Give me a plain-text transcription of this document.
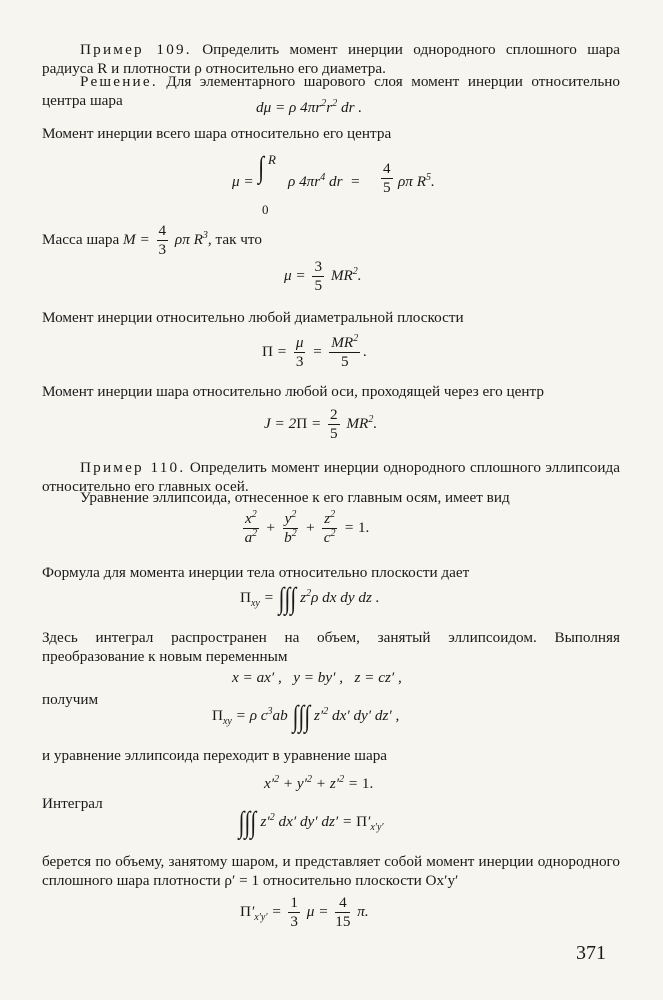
Пример 109. Определить момент инерции однородного сплошного шара радиуса R и плотности ρ относительно его диаметра.

Решение. Для элементарного шарового слоя момент инерции относительно центра шара	dμ = ρ $4\pi r^2r^2$ dr .

Момент инерции всего шара относительно его центра

R
0
μ = ∫ ρ $4\pi r^4$ dr  = $\frac{4}{5}$ ρπ $R^5$.
Масса шара $M = \frac{4}{3}$ ρπ $R^3$, так что
$\mu = \frac{3}{5} MR^2$.

Момент инерции относительно любой диаметральной плоскости

$\Pi = \frac{\mu}{3} = \frac{MR^2}{5}$ .

Момент инерции шара относительно любой оси, проходящей через его центр

$J = 2\Pi = \frac{2}{5} MR^2$.

Пример 110. Определить момент инерции однородного сплошного эллипсоида относительно его главных осей.

Уравнение эллипсоида, отнесенное к его главным осям, имеет вид

$\frac{x^2}{a^2} + \frac{y^2}{b^2} + \frac{z^2}{c^2} = 1$.

Формула для момента инерции тела относительно плоскости дает

$\Pi_{xy}$ = ∫∫∫ $z^2\rho$ dx dy dz .

Здесь интеграл распространен на объем, занятый эллипсоидом. Выполняя преобразование к новым переменным

x = ax′ ,   y = by′ ,   z = cz′ ,

получим

$\Pi_{xy} = \rho$ $c^3ab$ ∫∫∫ $z'^2$ dx′ dy′ dz′ ,

и уравнение эллипсоида переходит в уравнение шара

$x'^2 + y'^2 + z'^2 = 1$.

Интеграл

∫∫∫ $z'^2$ dx′ dy′ $dz' = \Pi'_{x'y'}$

берется по объему, занятому шаром, и представляет собой момент инерции однородного сплошного шара плотности ρ′ = 1 относительно плоскости Ox′y′

$\Pi'_{x'y'} = \frac{1}{3}$ $\mu = \frac{4}{15} \pi$.
371
